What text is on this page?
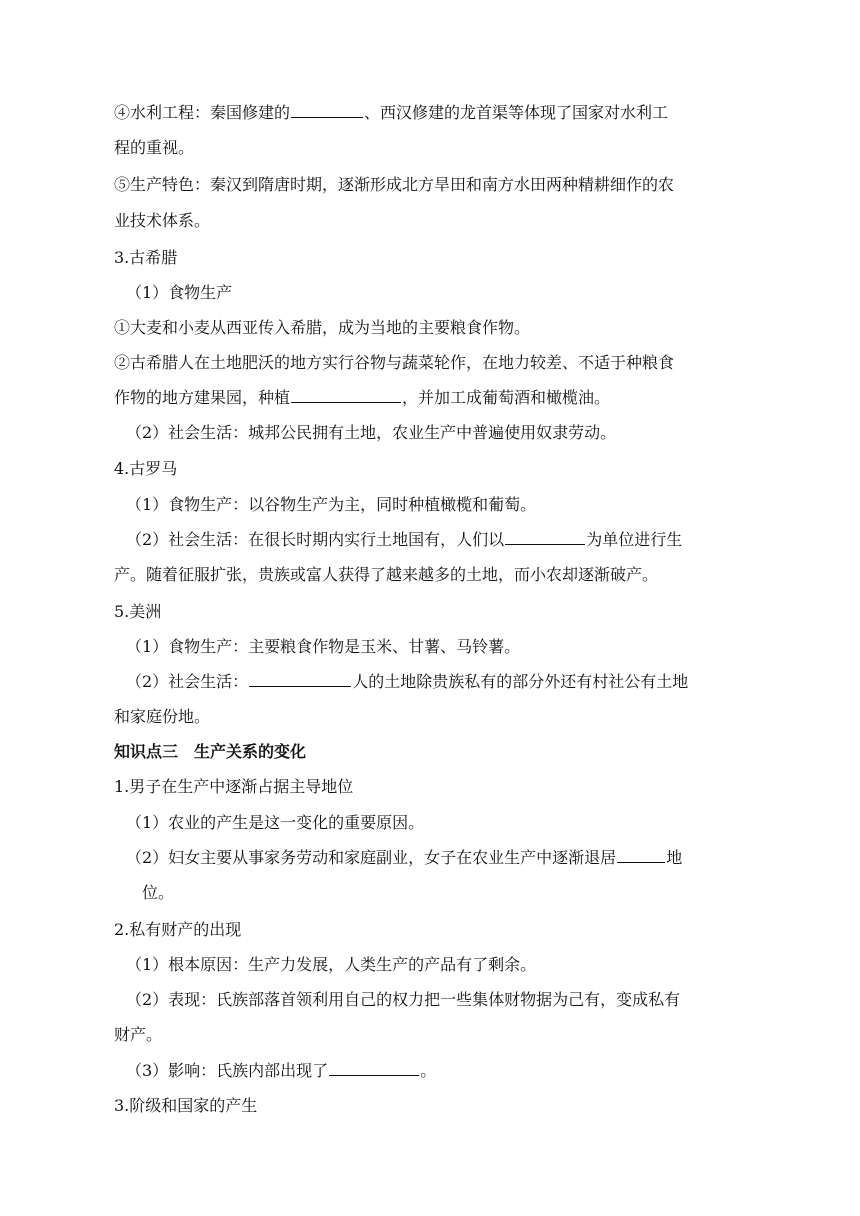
④水利工程：秦国修建的	、西汉修建的龙首渠等体现了国家对水利工
程的重视。
⑤生产特色：秦汉到隋唐时期，逐渐形成北方旱田和南方水田两种精耕细作的农
业技术体系。
3.古希腊
（1）食物生产
①大麦和小麦从西亚传入希腊，成为当地的主要粮食作物。
②古希腊人在土地肥沃的地方实行谷物与蔬菜轮作，在地力较差、不适于种粮食
作物的地方建果园，种植	，并加工成葡萄酒和橄榄油。
（2）社会生活：城邦公民拥有土地，农业生产中普遍使用奴隶劳动。
4.古罗马
（1）食物生产：以谷物生产为主，同时种植橄榄和葡萄。
（2）社会生活：在很长时期内实行土地国有，人们以	为单位进行生
产。随着征服扩张，贵族或富人获得了越来越多的土地，而小农却逐渐破产。
5.美洲
（1）食物生产：主要粮食作物是玉米、甘薯、马铃薯。
（2）社会生活：	人的土地除贵族私有的部分外还有村社公有土地
和家庭份地。
知识点三　生产关系的变化
1.男子在生产中逐渐占据主导地位
（1）农业的产生是这一变化的重要原因。
（2）妇女主要从事家务劳动和家庭副业，女子在农业生产中逐渐退居	地
位。
2.私有财产的出现
（1）根本原因：生产力发展，人类生产的产品有了剩余。
（2）表现：氏族部落首领利用自己的权力把一些集体财物据为己有，变成私有
财产。
（3）影响：氏族内部出现了	。
3.阶级和国家的产生
